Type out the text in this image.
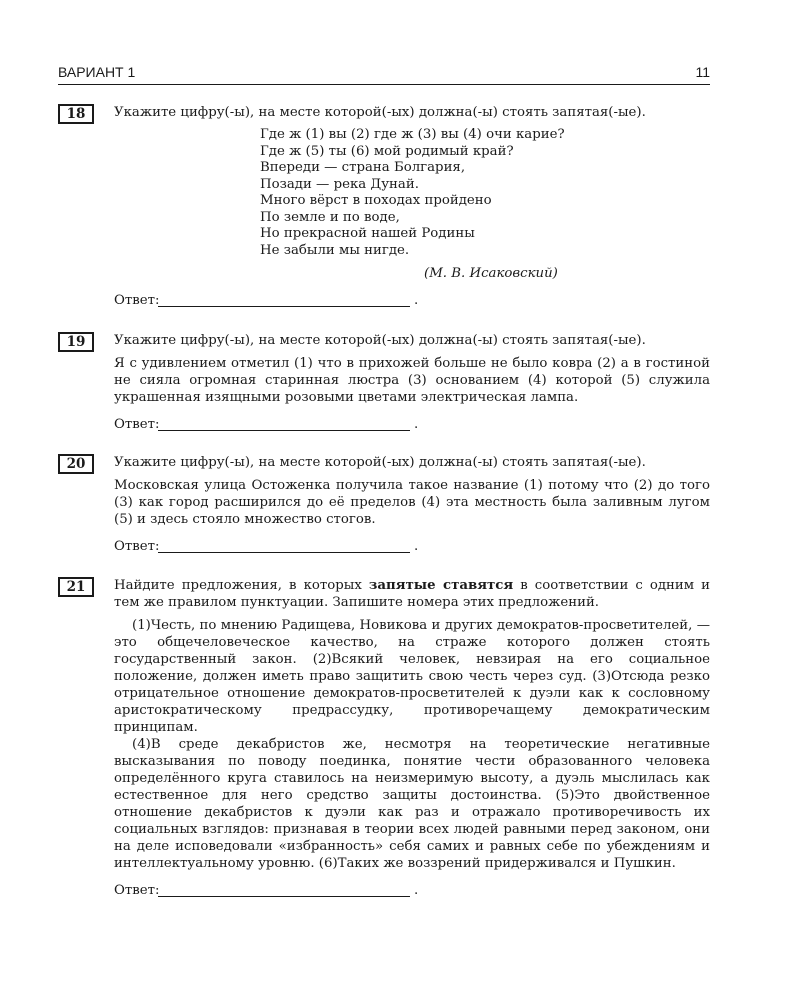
ВАРИАНТ 1	11
18	Укажите цифру(-ы), на месте которой(-ых) должна(-ы) стоять запятая(-ые).

Где ж (1) вы (2) где ж (3) вы (4) очи карие?
Где ж (5) ты (6) мой родимый край?
Впереди — страна Болгария,
Позади — река Дунай.
Много вёрст в походах пройдено
По земле и по воде,
Но прекрасной нашей Родины
Не забыли мы нигде.
(М. В. Исаковский)
Ответ:	.
19	Укажите цифру(-ы), на месте которой(-ых) должна(-ы) стоять запятая(-ые).

Я с удивлением отметил (1) что в прихожей больше не было ковра (2) а в гостиной не сияла огромная старинная люстра (3) основанием (4) которой (5) служила украшенная изящными розовыми цветами электрическая лампа.

Ответ:	.
20	Укажите цифру(-ы), на месте которой(-ых) должна(-ы) стоять запятая(-ые).

Московская улица Остоженка получила такое название (1) потому что (2) до того (3) как город расширился до её пределов (4) эта местность была заливным лугом (5) и здесь стояло множество стогов.

Ответ:	.
21	Найдите предложения, в которых запятые ставятся в соответствии с одним и тем же правилом пунктуации. Запишите номера этих предложений.

(1)Честь, по мнению Радищева, Новикова и других демократов-просветителей, — это общечеловеческое качество, на страже которого должен стоять государственный закон. (2)Всякий человек, невзирая на его социальное положение, должен иметь право защитить свою честь через суд. (3)Отсюда резко отрицательное отношение демократов-просветителей к дуэли как к сословному аристократическому предрассудку, противоречащему демократическим принципам.

(4)В среде декабристов же, несмотря на теоретические негативные высказывания по поводу поединка, понятие чести образованного человека определённого круга ставилось на неизмеримую высоту, а дуэль мыслилась как естественное для него средство защиты достоинства. (5)Это двойственное отношение декабристов к дуэли как раз и отражало противоречивость их социальных взглядов: признавая в теории всех людей равными перед законом, они на деле исповедовали «избранность» себя самих и равных себе по убеждениям и интеллектуальному уровню. (6)Таких же воззрений придерживался и Пушкин.

Ответ:	.
